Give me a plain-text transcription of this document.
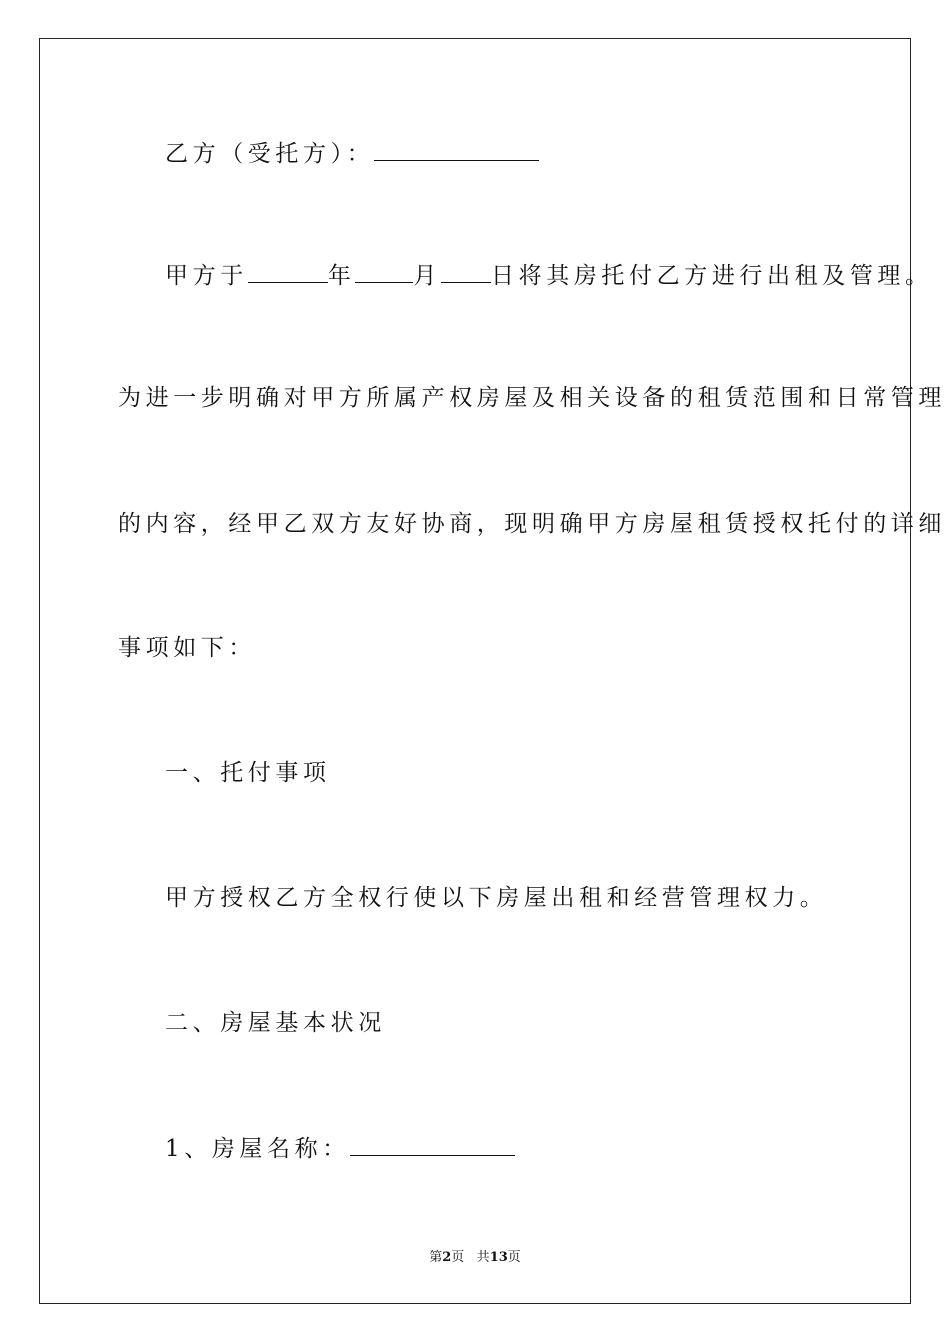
乙方（受托方）：
甲方于	年	月 日将其房托付乙方进行出租及管理。
为进一步明确对甲方所属产权房屋及相关设备的租赁范围和日常管理
的内容，经甲乙双方友好协商，现明确甲方房屋租赁授权托付的详细
事项如下：
一、托付事项
甲方授权乙方全权行使以下房屋出租和经营管理权力。
二、房屋基本状况
1、房屋名称：
第2页 共13页
